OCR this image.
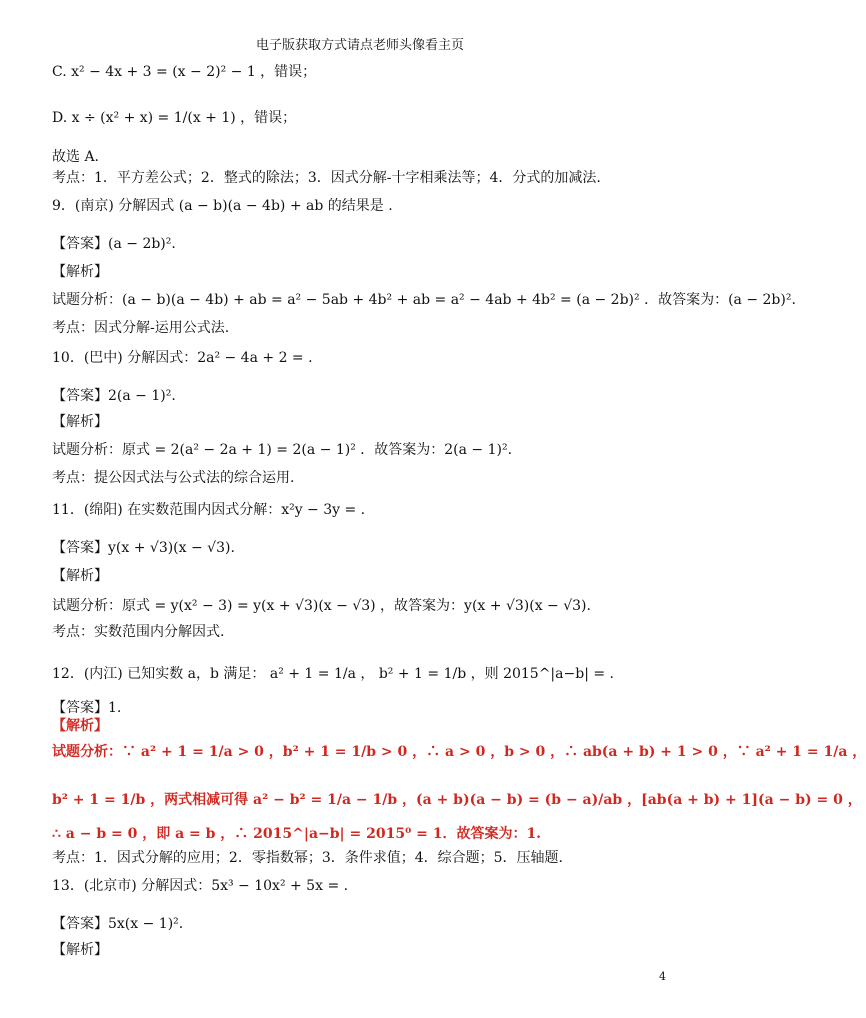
电子版获取方式请点老师头像看主页
C. x² − 4x + 3 = (x − 2)² − 1 ，错误；
D. x ÷ (x² + x) = 1/(x + 1) ，错误；
故选 A.
考点：1．平方差公式；2．整式的除法；3．因式分解-十字相乘法等；4．分式的加减法.
9．(南京) 分解因式 (a − b)(a − 4b) + ab 的结果是 .
【答案】(a − 2b)².
【解析】
试题分析：(a − b)(a − 4b) + ab = a² − 5ab + 4b² + ab = a² − 4ab + 4b² = (a − 2b)² ．故答案为：(a − 2b)².
考点：因式分解-运用公式法.
10．(巴中) 分解因式：2a² − 4a + 2 = .
【答案】2(a − 1)².
【解析】
试题分析：原式 = 2(a² − 2a + 1) = 2(a − 1)² ．故答案为：2(a − 1)².
考点：提公因式法与公式法的综合运用.
11．(绵阳) 在实数范围内因式分解：x²y − 3y = .
【答案】y(x + √3)(x − √3).
【解析】
试题分析：原式 = y(x² − 3) = y(x + √3)(x − √3) ，故答案为：y(x + √3)(x − √3).
考点：实数范围内分解因式.
12．(内江) 已知实数 a，b 满足： a² + 1 = 1/a ， b² + 1 = 1/b ，则 2015^|a−b| = .
【答案】1.
【解析】
试题分析：∵ a² + 1 = 1/a > 0 ，b² + 1 = 1/b > 0 ，∴ a > 0 ，b > 0 ，∴ ab(a + b) + 1 > 0 ，∵ a² + 1 = 1/a ，
b² + 1 = 1/b ，两式相减可得 a² − b² = 1/a − 1/b ，(a + b)(a − b) = (b − a)/ab ，[ab(a + b) + 1](a − b) = 0 ，
∴ a − b = 0 ，即 a = b ，∴ 2015^|a−b| = 2015⁰ = 1．故答案为：1.
考点：1．因式分解的应用；2．零指数幂；3．条件求值；4．综合题；5．压轴题.
13．(北京市) 分解因式：5x³ − 10x² + 5x = .
【答案】5x(x − 1)².
【解析】
4
